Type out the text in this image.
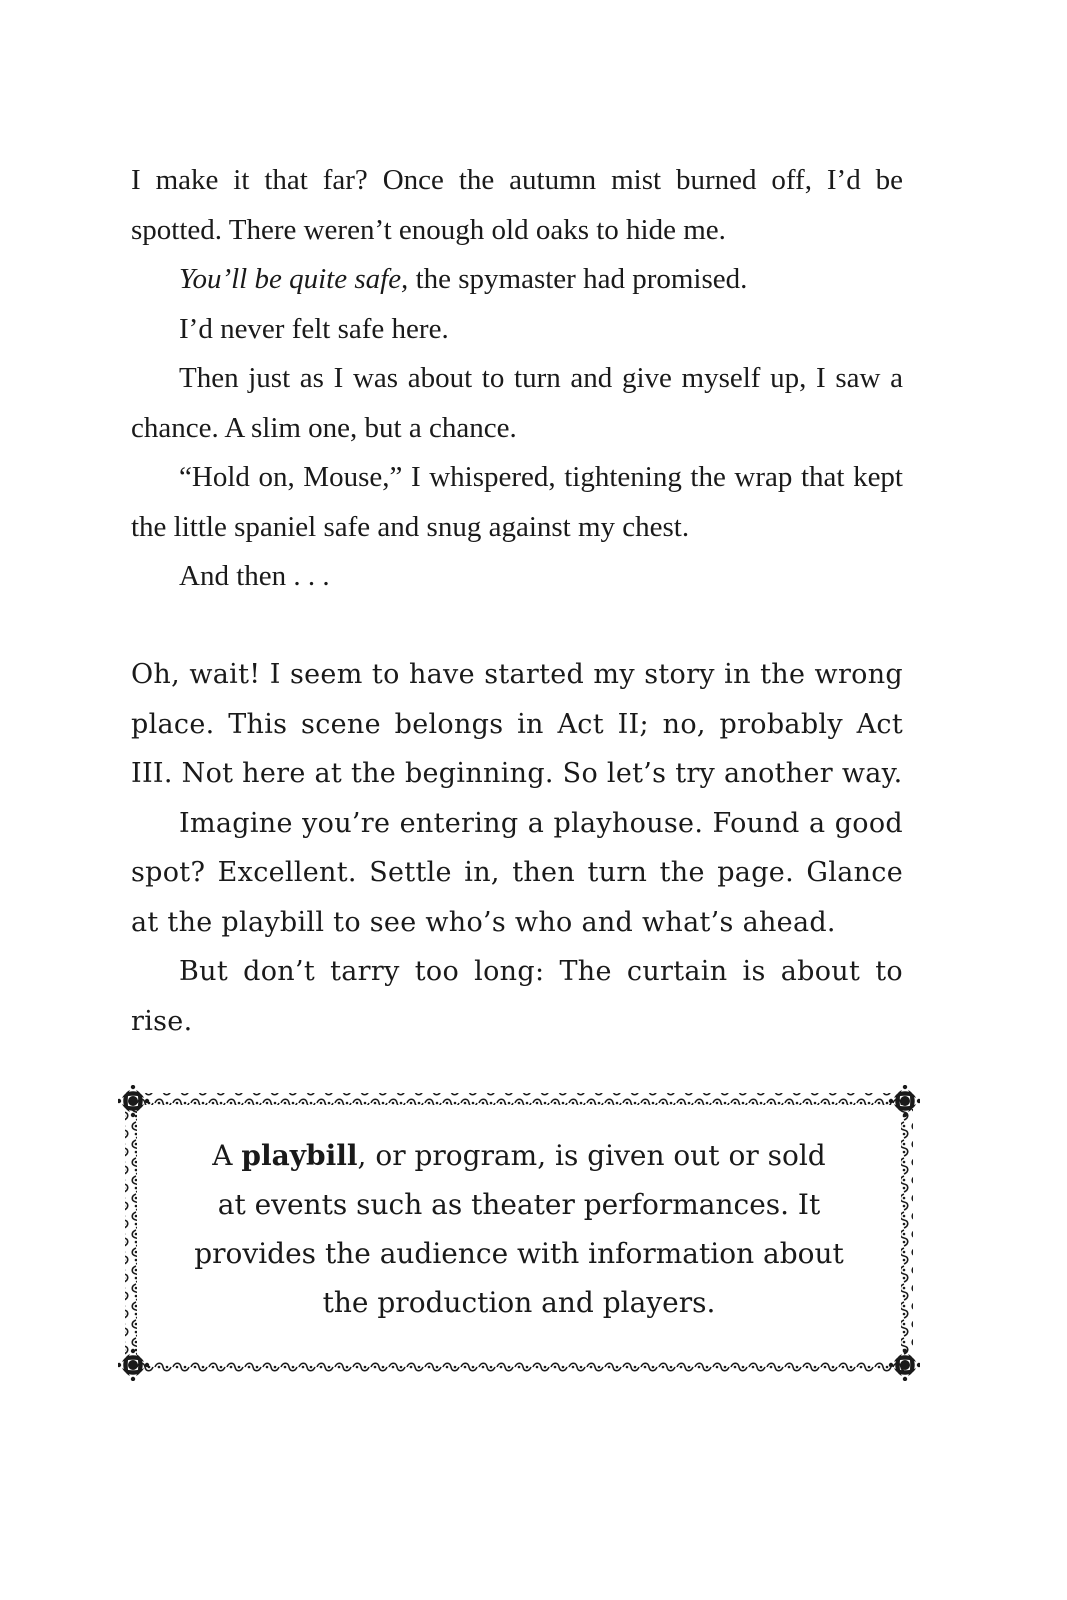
I make it that far? Once the autumn mist burned off, I’d be spotted. There weren’t enough old oaks to hide me.

You’ll be quite safe, the spymaster had promised.

I’d never felt safe here.

Then just as I was about to turn and give myself up, I saw a chance. A slim one, but a chance.

“Hold on, Mouse,” I whispered, tightening the wrap that kept the little spaniel safe and snug against my chest.

And then . . .

Oh, wait! I seem to have started my story in the wrong place. This scene belongs in Act II; no, probably Act III. Not here at the beginning. So let’s try another way.

Imagine you’re entering a playhouse. Found a good spot? Excellent. Settle in, then turn the page. Glance at the playbill to see who’s who and what’s ahead.

But don’t tarry too long: The curtain is about to rise.

A playbill, or program, is given out or sold

at events such as theater performances. It

provides the audience with information about

the production and players.
